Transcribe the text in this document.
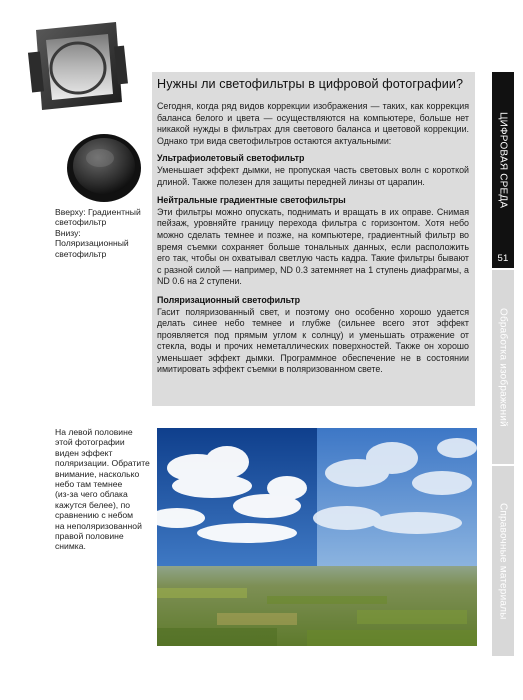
Вверху: Градиентный
светофильтр
Внизу: Поляризационный
светофильтр
Нужны ли светофильтры в цифровой фотографии?

Сегодня, когда ряд видов коррекции изображения — таких, как коррекция баланса белого и цвета — осуществляются на компьютере, больше нет никакой нужды в фильтрах для светового баланса и цветовой коррекции. Однако три вида светофильтров остаются актуальными:

Ультрафиолетовый светофильтр

Уменьшает эффект дымки, не пропуская часть световых волн с короткой длиной. Также полезен для защиты передней линзы от царапин.

Нейтральные градиентные светофильтры

Эти фильтры можно опускать, поднимать и вращать в их оправе. Снимая пейзаж, уровняйте границу перехода фильтра с горизонтом. Хотя небо можно сделать темнее и позже, на компьютере, градиентный фильтр во время съемки сохраняет больше тональных данных, если расположить его так, чтобы он охватывал светлую часть кадра. Такие фильтры бывают с разной силой — например, ND 0.3 затемняет на 1 ступень диафрагмы, а ND 0.6 на 2 ступени.

Поляризационный светофильтр

Гасит поляризованный свет, и поэтому оно особенно хорошо удается делать синее небо темнее и глубже (сильнее всего этот эффект проявляется под прямым углом к солнцу) и уменьшать отражение от стекла, воды и прочих неметаллических поверхностей. Также он хорошо уменьшает эффект дымки. Программное обеспечение не в состоянии имитировать эффект съемки в поляризованном свете.

На левой половине
этой фотографии
виден эффект
поляризации. Обратите
внимание, насколько
небо там темнее
(из-за чего облака
кажутся белее), по
сравнению с небом
на неполяризованной
правой половине
снимка.
ЦИФРОВАЯ СРЕДА
51
Обработка изображений
Справочные материалы
